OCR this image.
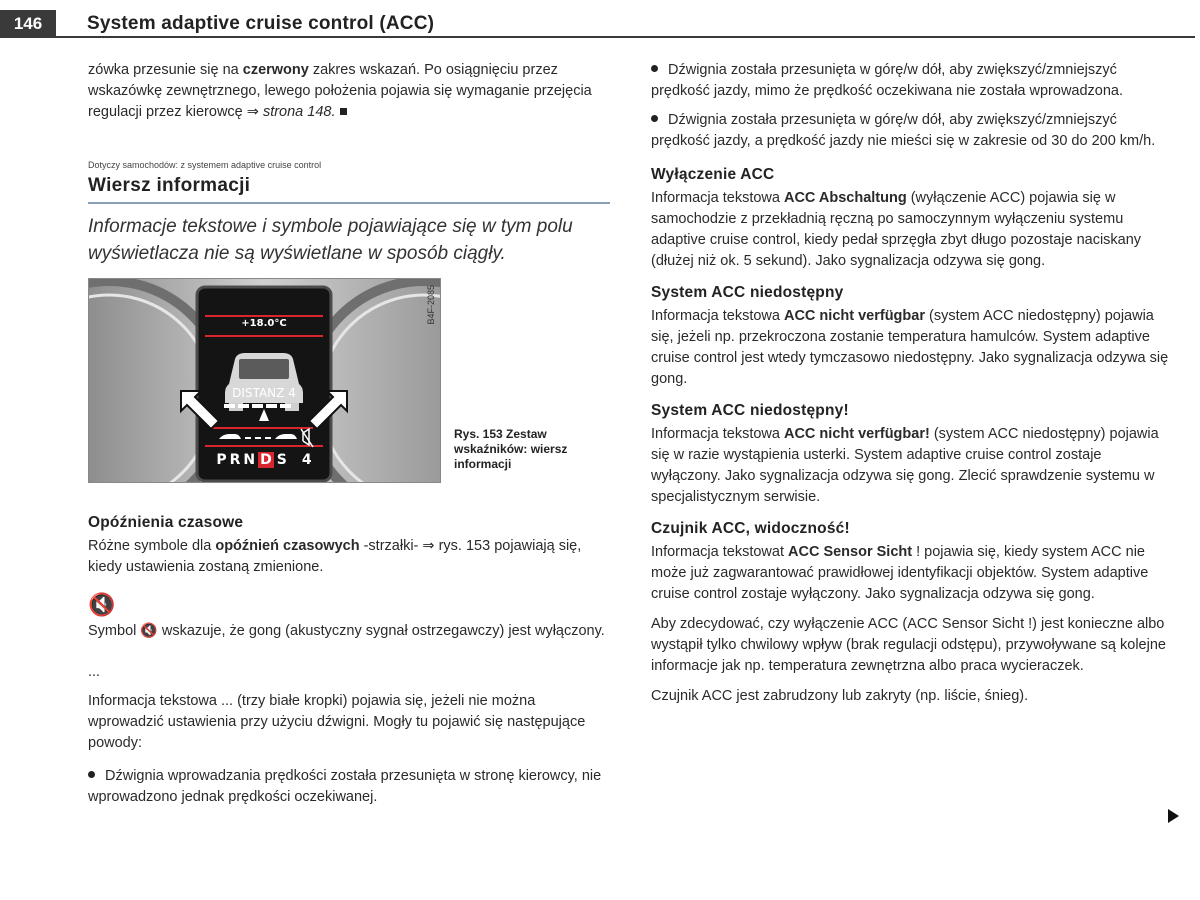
146	System adaptive cruise control (ACC)

zówka przesunie się na czerwony zakres wskazań. Po osiągnięciu przez wskazówkę zewnętrznego, lewego położenia pojawia się wymaganie przejęcia regulacji przez kierowcę ⇒ strona 148.

Dotyczy samochodów: z systemem adaptive cruise control
Wiersz informacji
Informacje tekstowe i symbole pojawiające się w tym polu wyświetlacza nie są wyświetlane w sposób ciągły.
+18.0°C
DISTANZ 4
P R N D S 4
B4F-2085
Rys. 153 Zestaw wskaźników: wiersz informacji
Opóźnienia czasowe

Różne symbole dla opóźnień czasowych -strzałki- ⇒ rys. 153 pojawiają się, kiedy ustawienia zostaną zmienione.

🔇

Symbol 🔇 wskazuje, że gong (akustyczny sygnał ostrzegawczy) jest wyłączony.

...

Informacja tekstowa ... (trzy białe kropki) pojawia się, jeżeli nie można wprowadzić ustawienia przy użyciu dźwigni. Mogły tu pojawić się następujące powody:

Dźwignia wprowadzania prędkości została przesunięta w stronę kierowcy, nie wprowadzono jednak prędkości oczekiwanej.

Dźwignia została przesunięta w górę/w dół, aby zwiększyć/zmniejszyć prędkość jazdy, mimo że prędkość oczekiwana nie została wprowadzona.

Dźwignia została przesunięta w górę/w dół, aby zwiększyć/zmniejszyć prędkość jazdy, a prędkość jazdy nie mieści się w zakresie od 30 do 200 km/h.

Wyłączenie ACC

Informacja tekstowa ACC Abschaltung (wyłączenie ACC) pojawia się w samochodzie z przekładnią ręczną po samoczynnym wyłączeniu systemu adaptive cruise control, kiedy pedał sprzęgła zbyt długo pozostaje naciskany (dłużej niż ok. 5 sekund). Jako sygnalizacja odzywa się gong.

System ACC niedostępny

Informacja tekstowa ACC nicht verfügbar (system ACC niedostępny) pojawia się, jeżeli np. przekroczona zostanie temperatura hamulców. System adaptive cruise control jest wtedy tymczasowo niedostępny. Jako sygnalizacja odzywa się gong.

System ACC niedostępny!

Informacja tekstowa ACC nicht verfügbar! (system ACC niedostępny) pojawia się w razie wystąpienia usterki. System adaptive cruise control zostaje wyłączony. Jako sygnalizacja odzywa się gong. Zlecić sprawdzenie systemu w specjalistycznym serwisie.

Czujnik ACC, widoczność!

Informacja tekstowat ACC Sensor Sicht ! pojawia się, kiedy system ACC nie może już zagwarantować prawidłowej identyfikacji objektów. System adaptive cruise control zostaje wyłączony. Jako sygnalizacja odzywa się gong.

Aby zdecydować, czy wyłączenie ACC (ACC Sensor Sicht !) jest konieczne albo wystąpił tylko chwilowy wpływ (brak regulacji odstępu), przywoływane są kolejne informacje jak np. temperatura zewnętrzna albo praca wycieraczek.

Czujnik ACC jest zabrudzony lub zakryty (np. liście, śnieg).
